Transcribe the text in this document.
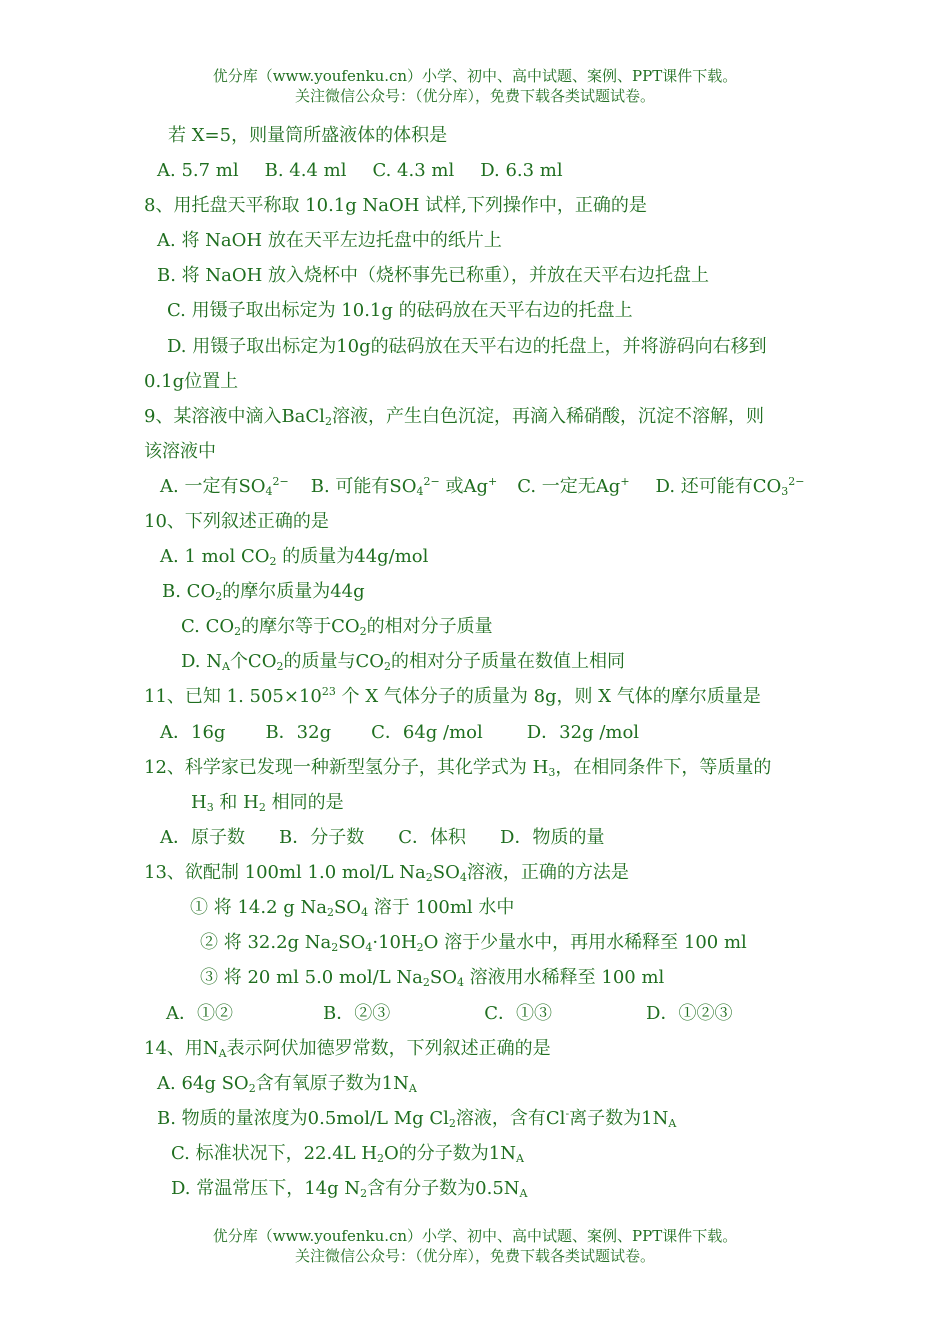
优分库（www.youfenku.cn）小学、初中、高中试题、案例、PPT课件下载。
关注微信公众号：（优分库），免费下载各类试题试卷。
若 X=5，则量筒所盛液体的体积是
A. 5.7 ml B. 4.4 ml C. 4.3 ml D. 6.3 ml
8、用托盘天平称取 10.1g NaOH 试样,下列操作中，正确的是
A. 将 NaOH 放在天平左边托盘中的纸片上
B. 将 NaOH 放入烧杯中（烧杯事先已称重），并放在天平右边托盘上
C. 用镊子取出标定为 10.1g 的砝码放在天平右边的托盘上
D. 用镊子取出标定为10g的砝码放在天平右边的托盘上，并将游码向右移到
0.1g位置上
9、某溶液中滴入BaCl$_2$溶液，产生白色沉淀，再滴入稀硝酸，沉淀不溶解，则
该溶液中
A. 一定有$SO_4^{2-}$ B. 可能有$SO_4^{2-}$ 或Ag+ C. 一定无Ag+ D. 还可能有$CO_3^{2-}$
10、下列叙述正确的是
A. 1 mol $CO_2$ 的质量为44g/mol
B. $CO_2$的摩尔质量为44g
C. $CO_2$的摩尔等于$CO_2$的相对分子质量
D. $N_A$个$CO_2$的质量与$CO_2$的相对分子质量在数值上相同
11、已知 1. $505\times 10^{23}$ 个 X 气体分子的质量为 8g，则 X 气体的摩尔质量是
A．16g B．32g C．64g /mol D．32g /mol
12、科学家已发现一种新型氢分子，其化学式为 $H_3$，在相同条件下，等质量的
$H_3$ 和 $H_2$ 相同的是
A．原子数 B．分子数 C．体积 D．物质的量
13、欲配制 100ml 1.0 mol/L $Na_2SO_4$溶液，正确的方法是
① 将 14.2 g $Na_2SO_4$ 溶于 100ml 水中
② 将 32.2g $Na_2SO_4\cdot 10H_2O$ 溶于少量水中，再用水稀释至 100 ml
③ 将 20 ml 5.0 mol/L $Na_2SO_4$ 溶液用水稀释至 100 ml
A．①②	B．②③	C．①③	D．①②③
14、用$N_A$表示阿伏加德罗常数，下列叙述正确的是
A. 64g $SO_2$含有氧原子数为$1N_A$
B. 物质的量浓度为0.5mol/L Mg $Cl_2$溶液，含有Cl-离子数为$1N_A$
C. 标准状况下，22.4L $H_2O$的分子数为$1N_A$
D. 常温常压下，14g $N_2$含有分子数为$0.5N_A$
优分库（www.youfenku.cn）小学、初中、高中试题、案例、PPT课件下载。
关注微信公众号：（优分库），免费下载各类试题试卷。
